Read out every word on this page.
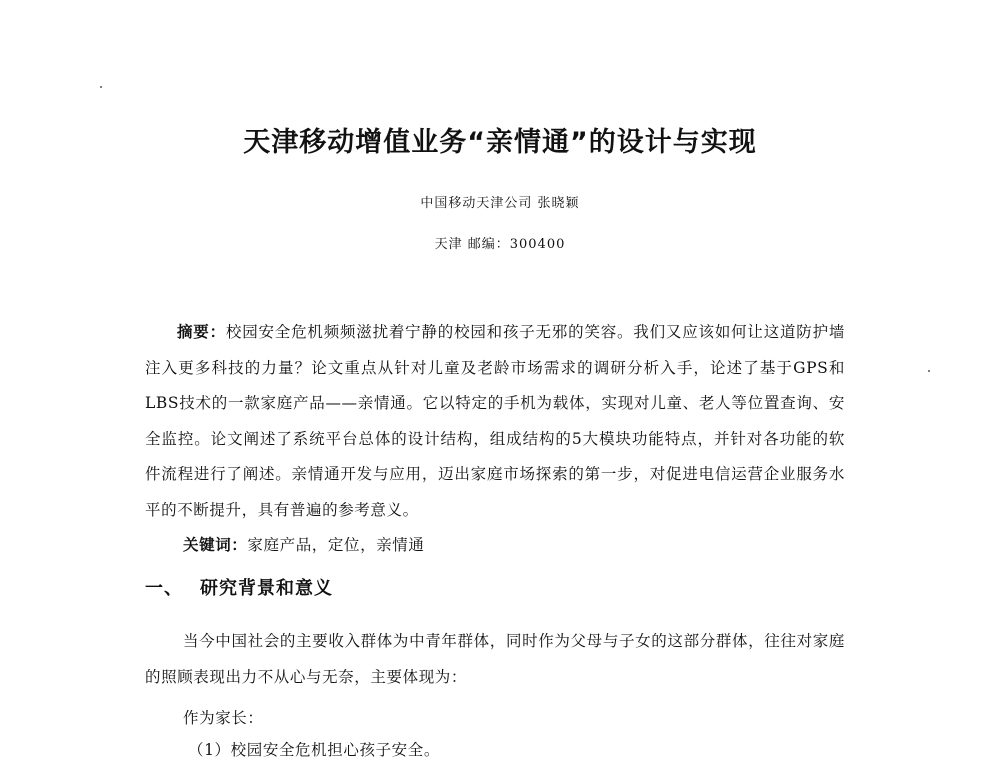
天津移动增值业务“亲情通”的设计与实现
中国移动天津公司 张晓颖
天津 邮编：300400
摘要：校园安全危机频频滋扰着宁静的校园和孩子无邪的笑容。我们又应该如何让这道防护墙注入更多科技的力量？论文重点从针对儿童及老龄市场需求的调研分析入手，论述了基于GPS和LBS技术的一款家庭产品——亲情通。它以特定的手机为载体，实现对儿童、老人等位置查询、安全监控。论文阐述了系统平台总体的设计结构，组成结构的5大模块功能特点，并针对各功能的软件流程进行了阐述。亲情通开发与应用，迈出家庭市场探索的第一步，对促进电信运营企业服务水平的不断提升，具有普遍的参考意义。
关键词：家庭产品，定位，亲情通
一、 研究背景和意义
当今中国社会的主要收入群体为中青年群体，同时作为父母与子女的这部分群体，往往对家庭的照顾表现出力不从心与无奈，主要体现为：
作为家长：
（1）校园安全危机担心孩子安全。
